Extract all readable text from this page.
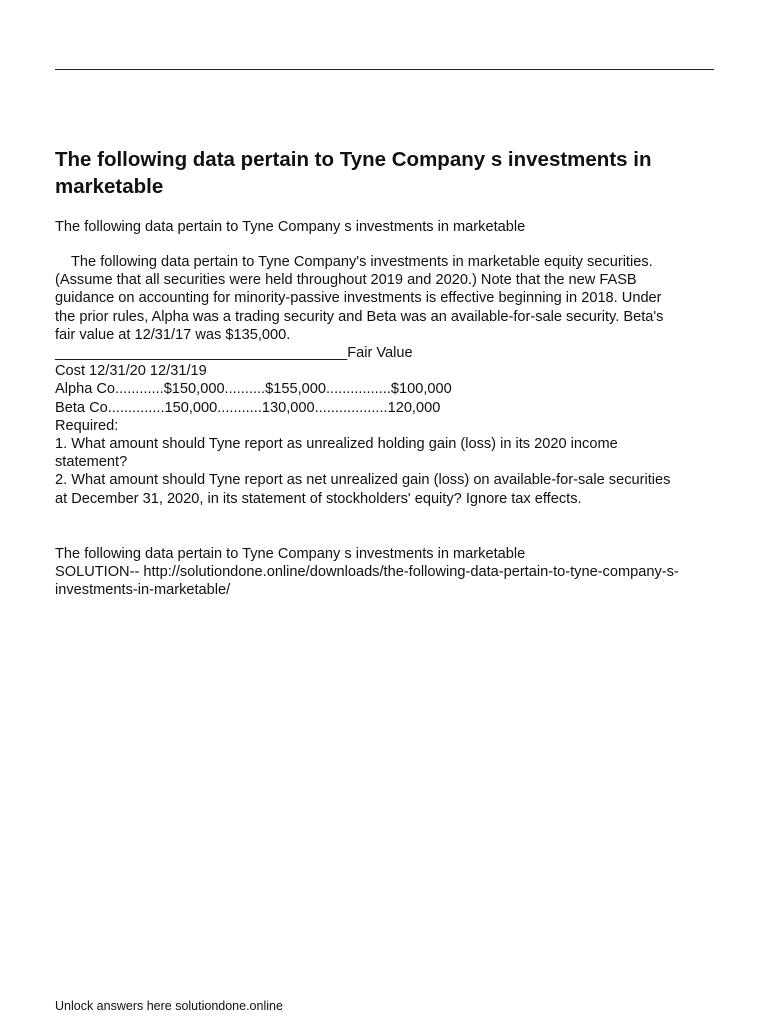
The following data pertain to Tyne Company s investments in marketable

The following data pertain to Tyne Company s investments in marketable

The following data pertain to Tyne Company's investments in marketable equity securities.
(Assume that all securities were held throughout 2019 and 2020.) Note that the new FASB
guidance on accounting for minority-passive investments is effective beginning in 2018. Under
the prior rules, Alpha was a trading security and Beta was an available-for-sale security. Beta's
fair value at 12/31/17 was $135,000.
____________________________________Fair Value
Cost 12/31/20 12/31/19
Alpha Co............$150,000..........$155,000................$100,000
Beta Co..............150,000...........130,000..................120,000
Required:
1. What amount should Tyne report as unrealized holding gain (loss) in its 2020 income
statement?
2. What amount should Tyne report as net unrealized gain (loss) on available-for-sale securities
at December 31, 2020, in its statement of stockholders' equity? Ignore tax effects.
The following data pertain to Tyne Company s investments in marketable
SOLUTION-- http://solutiondone.online/downloads/the-following-data-pertain-to-tyne-company-s-
investments-in-marketable/
Unlock answers here solutiondone.online
